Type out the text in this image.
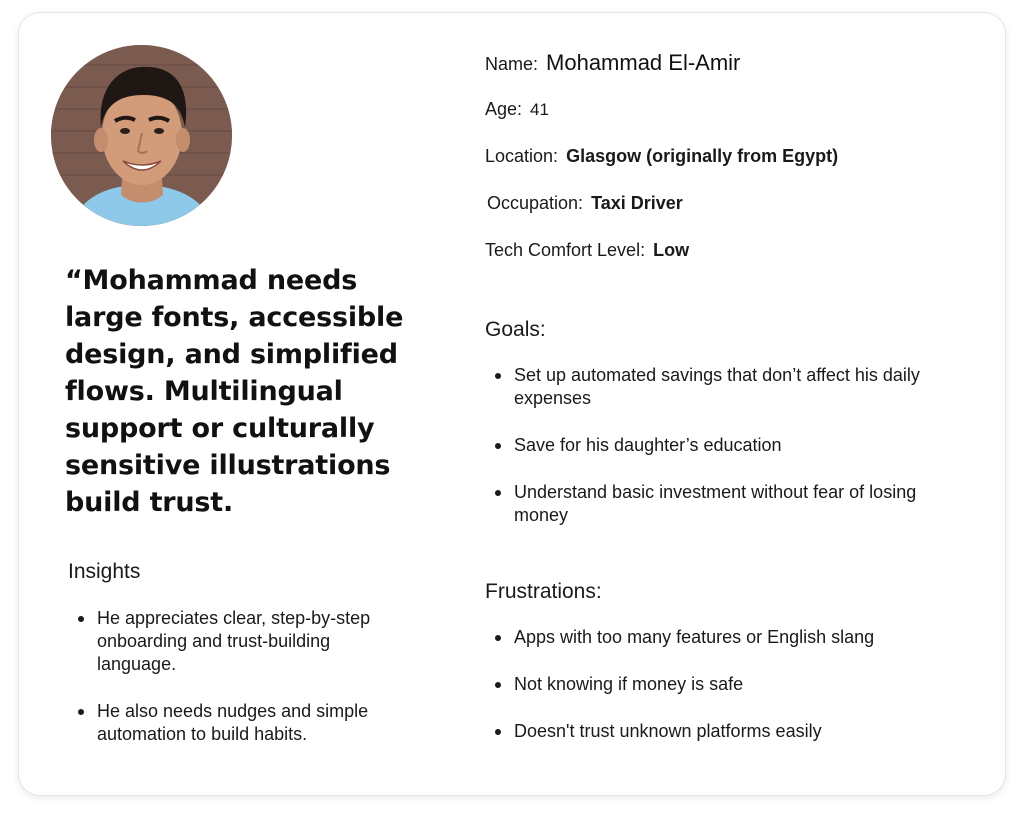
“Mohammad needs large fonts, accessible design, and simplified flows. Multilingual support or culturally sensitive illustrations build trust.

Insights
He appreciates clear, step-by-step onboarding and trust-building language.
He also needs nudges and simple automation to build habits.
Name: Mohammad El-Amir
Age: 41
Location: Glasgow (originally from Egypt)
Occupation: Taxi Driver
Tech Comfort Level: Low
Goals:
Set up automated savings that don’t affect his daily expenses
Save for his daughter’s education
Understand basic investment without fear of losing money
Frustrations:
Apps with too many features or English slang
Not knowing if money is safe
Doesn't trust unknown platforms easily
